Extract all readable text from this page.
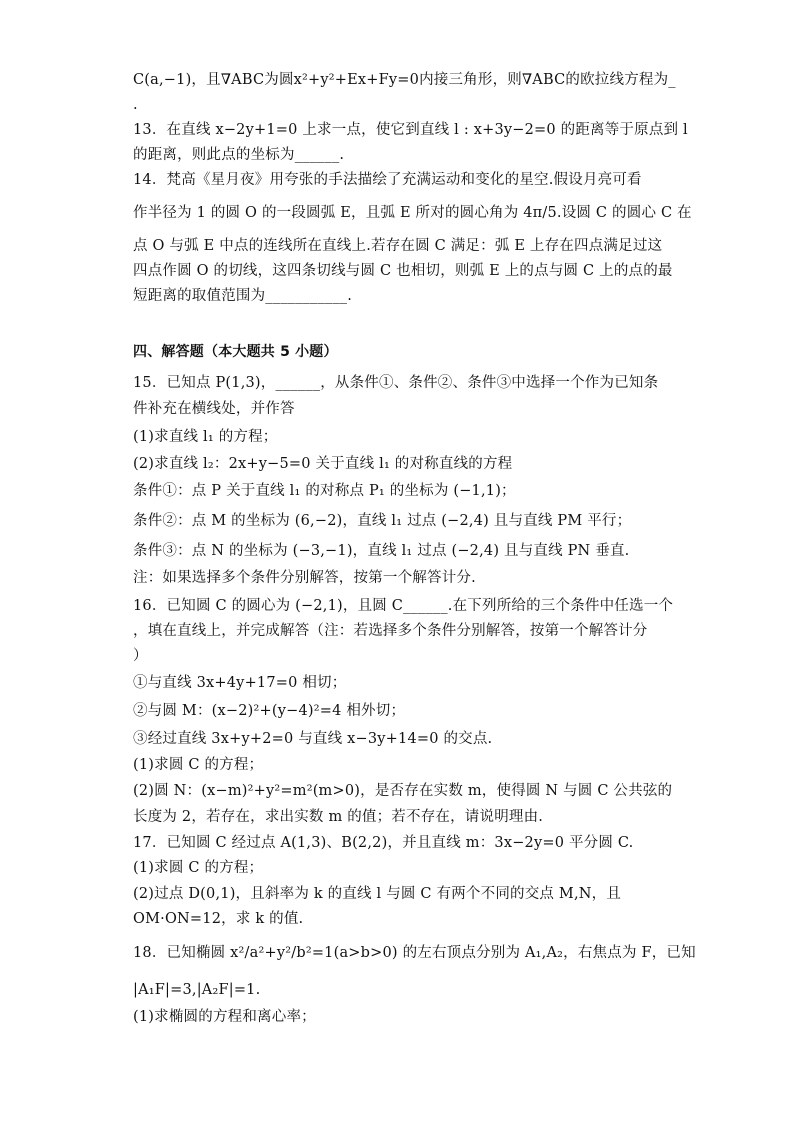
C(a,−1)，且∇ABC为圆x²+y²+Ex+Fy=0内接三角形，则∇ABC的欧拉线方程为_
.
13．在直线 x−2y+1=0 上求一点，使它到直线 l : x+3y−2=0 的距离等于原点到 l
的距离，则此点的坐标为______.
14．梵高《星月夜》用夸张的手法描绘了充满运动和变化的星空.假设月亮可看
作半径为 1 的圆 O 的一段圆弧 E，且弧 E 所对的圆心角为 4π/5.设圆 C 的圆心 C 在
点 O 与弧 E 中点的连线所在直线上.若存在圆 C 满足：弧 E 上存在四点满足过这
四点作圆 O 的切线，这四条切线与圆 C 也相切，则弧 E 上的点与圆 C 上的点的最
短距离的取值范围为___________.
四、解答题（本大题共 5 小题）
15．已知点 P(1,3)，______，从条件①、条件②、条件③中选择一个作为已知条
件补充在横线处，并作答
(1)求直线 l₁ 的方程；
(2)求直线 l₂：2x+y−5=0 关于直线 l₁ 的对称直线的方程
条件①：点 P 关于直线 l₁ 的对称点 P₁ 的坐标为 (−1,1)；
条件②：点 M 的坐标为 (6,−2)，直线 l₁ 过点 (−2,4) 且与直线 PM 平行；
条件③：点 N 的坐标为 (−3,−1)，直线 l₁ 过点 (−2,4) 且与直线 PN 垂直.
注：如果选择多个条件分别解答，按第一个解答计分.
16．已知圆 C 的圆心为 (−2,1)，且圆 C______.在下列所给的三个条件中任选一个
，填在直线上，并完成解答（注：若选择多个条件分别解答，按第一个解答计分
）
①与直线 3x+4y+17=0 相切；
②与圆 M：(x−2)²+(y−4)²=4 相外切；
③经过直线 3x+y+2=0 与直线 x−3y+14=0 的交点.
(1)求圆 C 的方程；
(2)圆 N：(x−m)²+y²=m²(m>0)，是否存在实数 m，使得圆 N 与圆 C 公共弦的
长度为 2，若存在，求出实数 m 的值；若不存在，请说明理由.
17．已知圆 C 经过点 A(1,3)、B(2,2)，并且直线 m：3x−2y=0 平分圆 C.
(1)求圆 C 的方程；
(2)过点 D(0,1)，且斜率为 k 的直线 l 与圆 C 有两个不同的交点 M,N，且
OM·ON=12，求 k 的值.
18．已知椭圆 x²/a²+y²/b²=1(a>b>0) 的左右顶点分别为 A₁,A₂，右焦点为 F，已知
|A₁F|=3,|A₂F|=1.
(1)求椭圆的方程和离心率；
